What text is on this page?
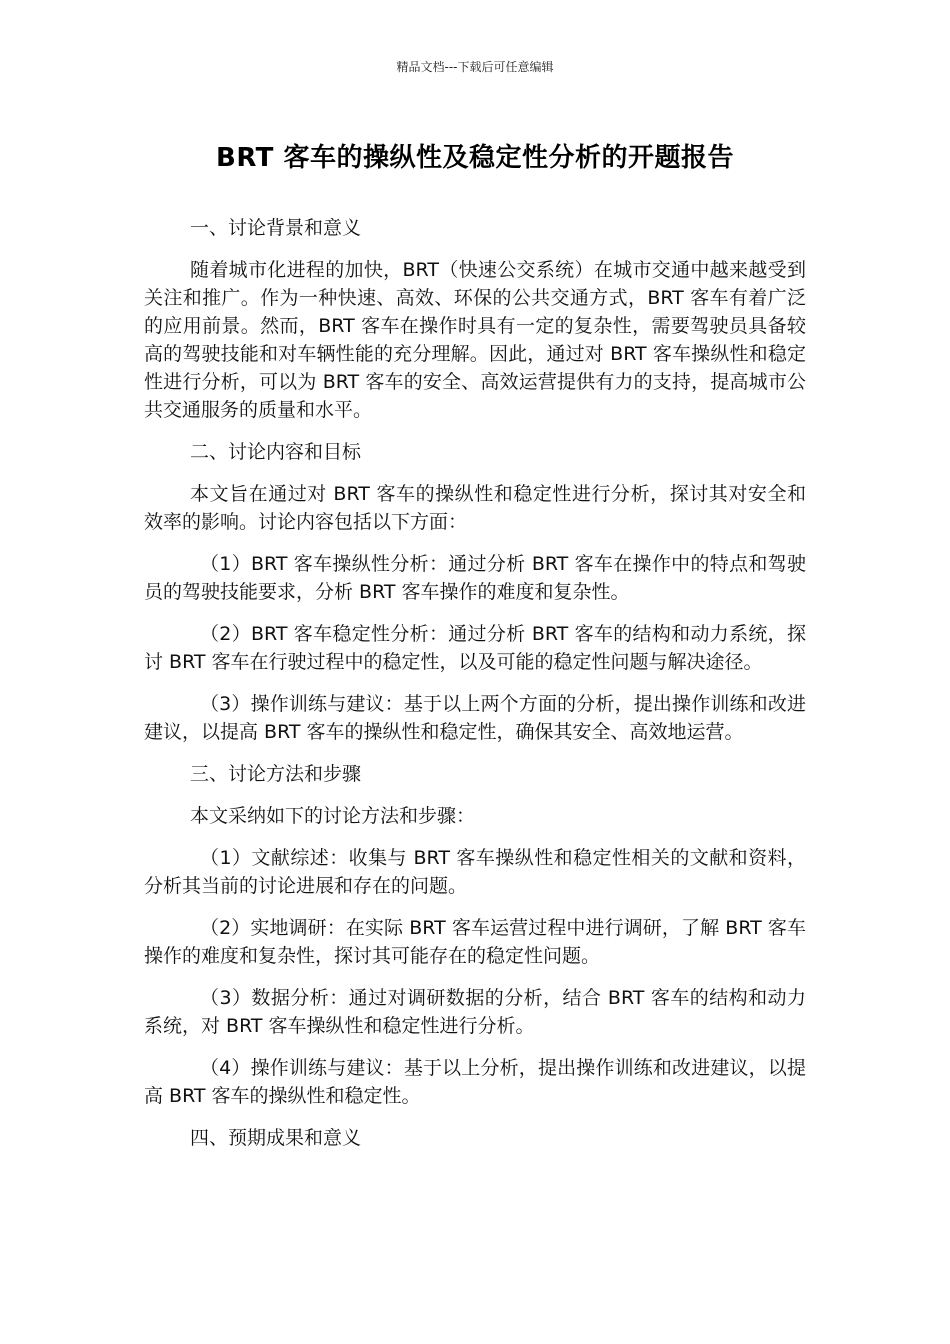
精品文档---下载后可任意编辑
BRT 客车的操纵性及稳定性分析的开题报告

一、讨论背景和意义

随着城市化进程的加快，BRT（快速公交系统）在城市交通中越来越受到关注和推广。作为一种快速、高效、环保的公共交通方式，BRT 客车有着广泛的应用前景。然而，BRT 客车在操作时具有一定的复杂性，需要驾驶员具备较高的驾驶技能和对车辆性能的充分理解。因此，通过对 BRT 客车操纵性和稳定性进行分析，可以为 BRT 客车的安全、高效运营提供有力的支持，提高城市公共交通服务的质量和水平。

二、讨论内容和目标

本文旨在通过对 BRT 客车的操纵性和稳定性进行分析，探讨其对安全和效率的影响。讨论内容包括以下方面：

（1）BRT 客车操纵性分析：通过分析 BRT 客车在操作中的特点和驾驶员的驾驶技能要求，分析 BRT 客车操作的难度和复杂性。

（2）BRT 客车稳定性分析：通过分析 BRT 客车的结构和动力系统，探讨 BRT 客车在行驶过程中的稳定性，以及可能的稳定性问题与解决途径。

（3）操作训练与建议：基于以上两个方面的分析，提出操作训练和改进建议，以提高 BRT 客车的操纵性和稳定性，确保其安全、高效地运营。

三、讨论方法和步骤

本文采纳如下的讨论方法和步骤：

（1）文献综述：收集与 BRT 客车操纵性和稳定性相关的文献和资料，分析其当前的讨论进展和存在的问题。

（2）实地调研：在实际 BRT 客车运营过程中进行调研，了解 BRT 客车操作的难度和复杂性，探讨其可能存在的稳定性问题。

（3）数据分析：通过对调研数据的分析，结合 BRT 客车的结构和动力系统，对 BRT 客车操纵性和稳定性进行分析。

（4）操作训练与建议：基于以上分析，提出操作训练和改进建议，以提高 BRT 客车的操纵性和稳定性。

四、预期成果和意义
